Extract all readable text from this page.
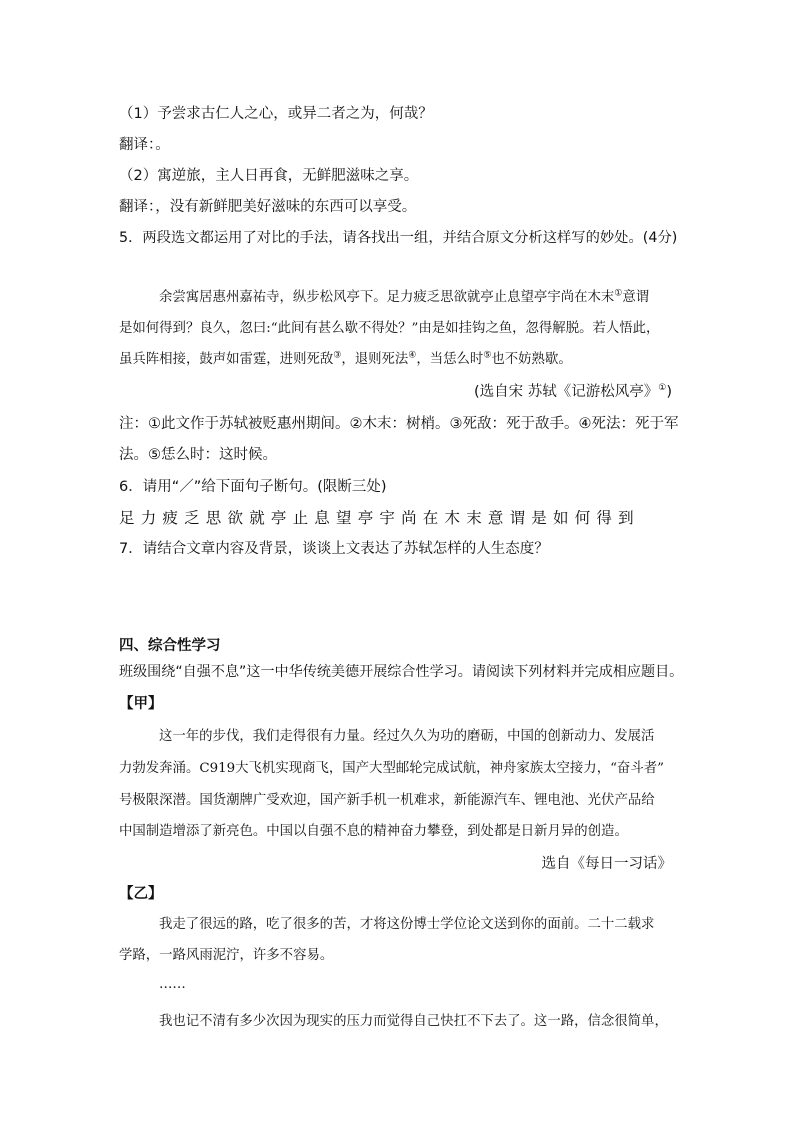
（1）予尝求古仁人之心，或异二者之为，何哉？
翻译：。
（2）寓逆旅，主人日再食，无鲜肥滋味之享。
翻译：，没有新鲜肥美好滋味的东西可以享受。
5．两段选文都运用了对比的手法，请各找出一组，并结合原文分析这样写的妙处。(4分)
余尝寓居惠州嘉祐寺，纵步松风亭下。足力疲乏思欲就亭止息望亭宇尚在木末①意谓
是如何得到？良久，忽曰:“此间有甚么歇不得处？”由是如挂钩之鱼，忽得解脱。若人悟此，
虽兵阵相接，鼓声如雷霆，进则死敌③，退则死法④，当恁么时⑤也不妨熟歇。
(选自宋 苏轼《记游松风亭》①)
注：①此文作于苏轼被贬惠州期间。②木末：树梢。③死敌：死于敌手。④死法：死于军
法。⑤恁么时：这时候。
6．请用“／”给下面句子断句。(限断三处)
足力疲乏思欲就亭止息望亭宇尚在木末意谓是如何得到
7．请结合文章内容及背景，谈谈上文表达了苏轼怎样的人生态度？
四、综合性学习
班级围绕“自强不息”这一中华传统美德开展综合性学习。请阅读下列材料并完成相应题目。
【甲】
这一年的步伐，我们走得很有力量。经过久久为功的磨砺，中国的创新动力、发展活
力勃发奔涌。C919大飞机实现商飞，国产大型邮轮完成试航，神舟家族太空接力，“奋斗者”
号极限深潜。国货潮牌广受欢迎，国产新手机一机难求，新能源汽车、锂电池、光伏产品给
中国制造增添了新亮色。中国以自强不息的精神奋力攀登，到处都是日新月异的创造。
选自《每日一习话》
【乙】
我走了很远的路，吃了很多的苦，才将这份博士学位论文送到你的面前。二十二载求
学路，一路风雨泥泞，许多不容易。
……
我也记不清有多少次因为现实的压力而觉得自己快扛不下去了。这一路，信念很简单，
